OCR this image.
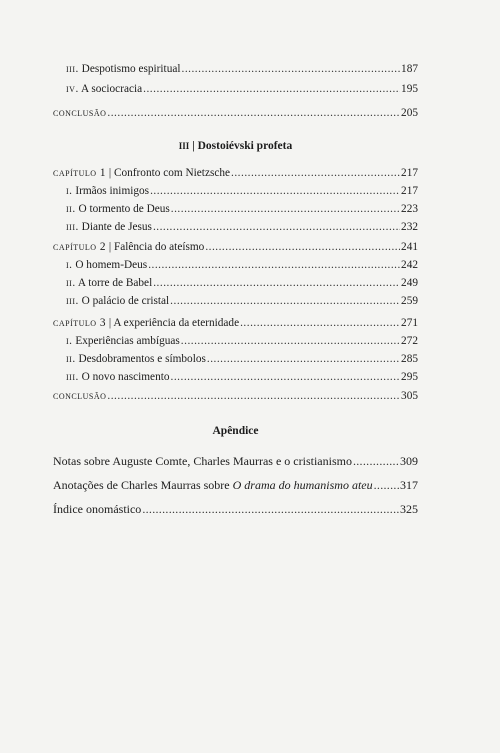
iii. Despotismo espiritual .....	187
iv. A sociocracia .....	195
conclusão .....	205
III | Dostoiévski profeta
capítulo 1 | Confronto com Nietzsche .....	217
i. Irmãos inimigos .....	217
ii. O tormento de Deus .....	223
iii. Diante de Jesus .....	232
capítulo 2 | Falência do ateísmo .....	241
i. O homem-Deus .....	242
ii. A torre de Babel .....	249
iii. O palácio de cristal .....	259
capítulo 3 | A experiência da eternidade .....	271
i. Experiências ambíguas .....	272
ii. Desdobramentos e símbolos .....	285
iii. O novo nascimento .....	295
conclusão .....	305
Apêndice
Notas sobre Auguste Comte, Charles Maurras e o cristianismo .....	309
Anotações de Charles Maurras sobre O drama do humanismo ateu ..... 317
Índice onomástico .....	325
